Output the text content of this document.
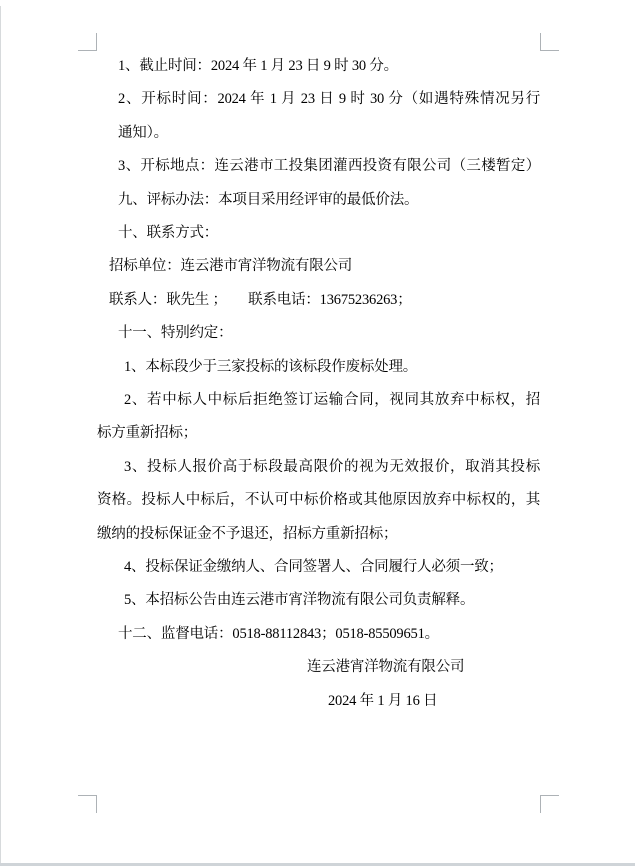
1、截止时间：2024 年 1 月 23 日 9 时 30 分。
2、开标时间：2024 年 1 月 23 日 9 时 30 分（如遇特殊情况另行
通知）。
3、开标地点：连云港市工投集团灌西投资有限公司（三楼暂定）
九、评标办法：本项目采用经评审的最低价法。
十、联系方式：
招标单位：连云港市宵洋物流有限公司
联系人：耿先生 ；　　联系电话：13675236263；
十一、特别约定：
1、本标段少于三家投标的该标段作废标处理。
2、若中标人中标后拒绝签订运输合同，视同其放弃中标权，招
标方重新招标；
3、投标人报价高于标段最高限价的视为无效报价，取消其投标
资格。投标人中标后，不认可中标价格或其他原因放弃中标权的，其
缴纳的投标保证金不予退还，招标方重新招标；
4、投标保证金缴纳人、合同签署人、合同履行人必须一致；
5、本招标公告由连云港市宵洋物流有限公司负责解释。
十二、监督电话：0518-88112843；0518-85509651。
连云港宵洋物流有限公司
2024 年 1 月 16 日
